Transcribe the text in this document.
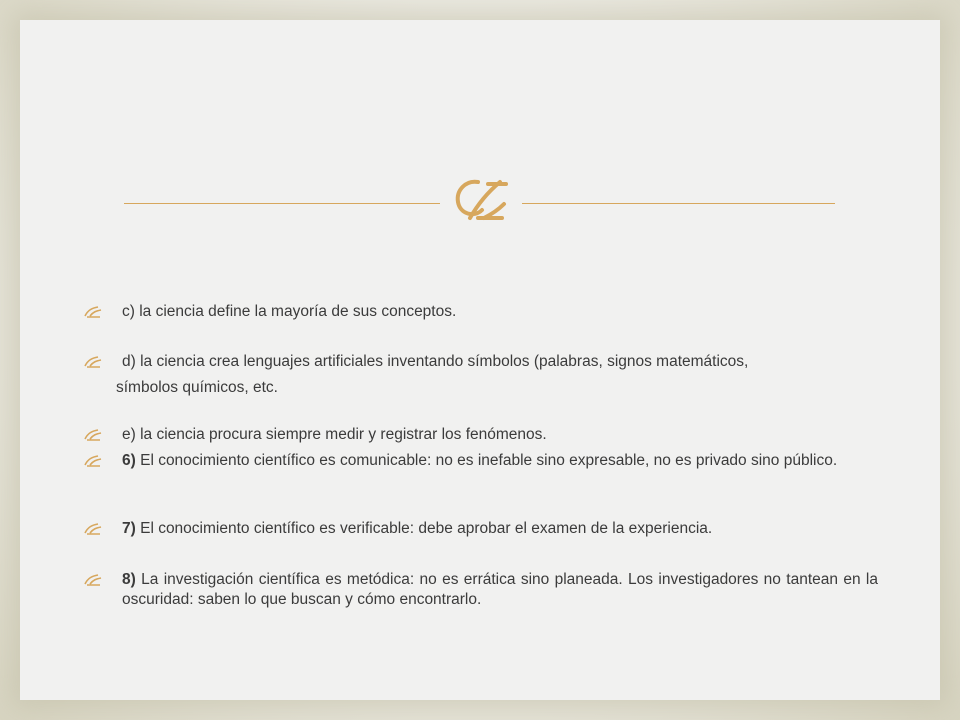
c) la ciencia define la mayoría de sus conceptos.
d) la ciencia crea lenguajes artificiales inventando símbolos (palabras, signos matemáticos,
símbolos químicos, etc.
e) la ciencia procura siempre medir y registrar los fenómenos.
6) El conocimiento científico es comunicable: no es inefable sino expresable, no es privado sino público.
7) El conocimiento científico es verificable: debe aprobar el examen de la experiencia.
8) La investigación científica es metódica: no es errática sino planeada. Los investigadores no tantean en la oscuridad: saben lo que buscan y cómo encontrarlo.
